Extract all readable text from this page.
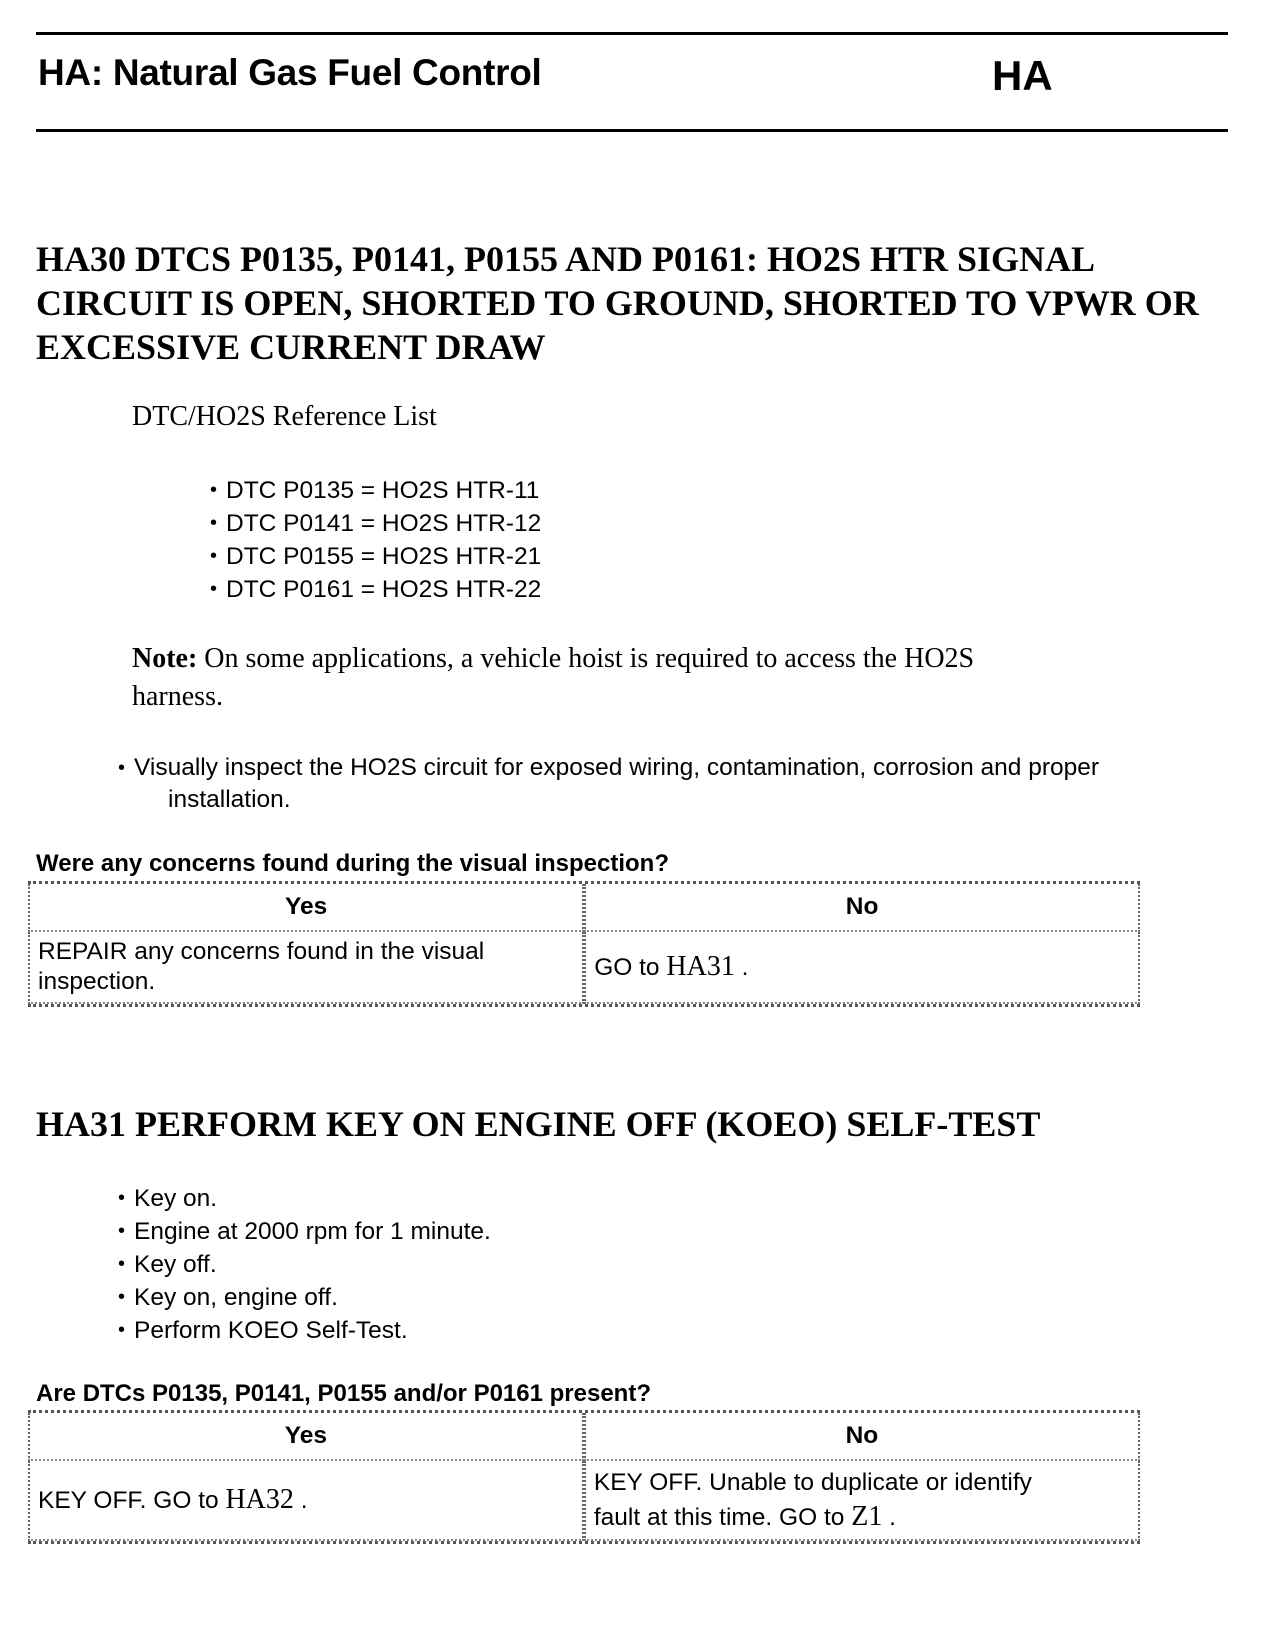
HA: Natural Gas Fuel Control	HA
HA30 DTCS P0135, P0141, P0155 AND P0161: HO2S HTR SIGNAL CIRCUIT IS OPEN, SHORTED TO GROUND, SHORTED TO VPWR OR EXCESSIVE CURRENT DRAW
DTC/HO2S Reference List
• DTC P0135 = HO2S HTR-11
• DTC P0141 = HO2S HTR-12
• DTC P0155 = HO2S HTR-21
• DTC P0161 = HO2S HTR-22
Note: On some applications, a vehicle hoist is required to access the HO2S
harness.
• Visually inspect the HO2S circuit for exposed wiring, contamination, corrosion and proper
installation.
Were any concerns found during the visual inspection?
Yes	No

REPAIR any concerns found in the visual
inspection.	GO to HA31 .
HA31 PERFORM KEY ON ENGINE OFF (KOEO) SELF-TEST
• Key on.
• Engine at 2000 rpm for 1 minute.
• Key off.
• Key on, engine off.
• Perform KOEO Self-Test.
Are DTCs P0135, P0141, P0155 and/or P0161 present?
Yes	No
KEY OFF. GO to HA32 .	KEY OFF. Unable to duplicate or identify
fault at this time. GO to Z1 .
